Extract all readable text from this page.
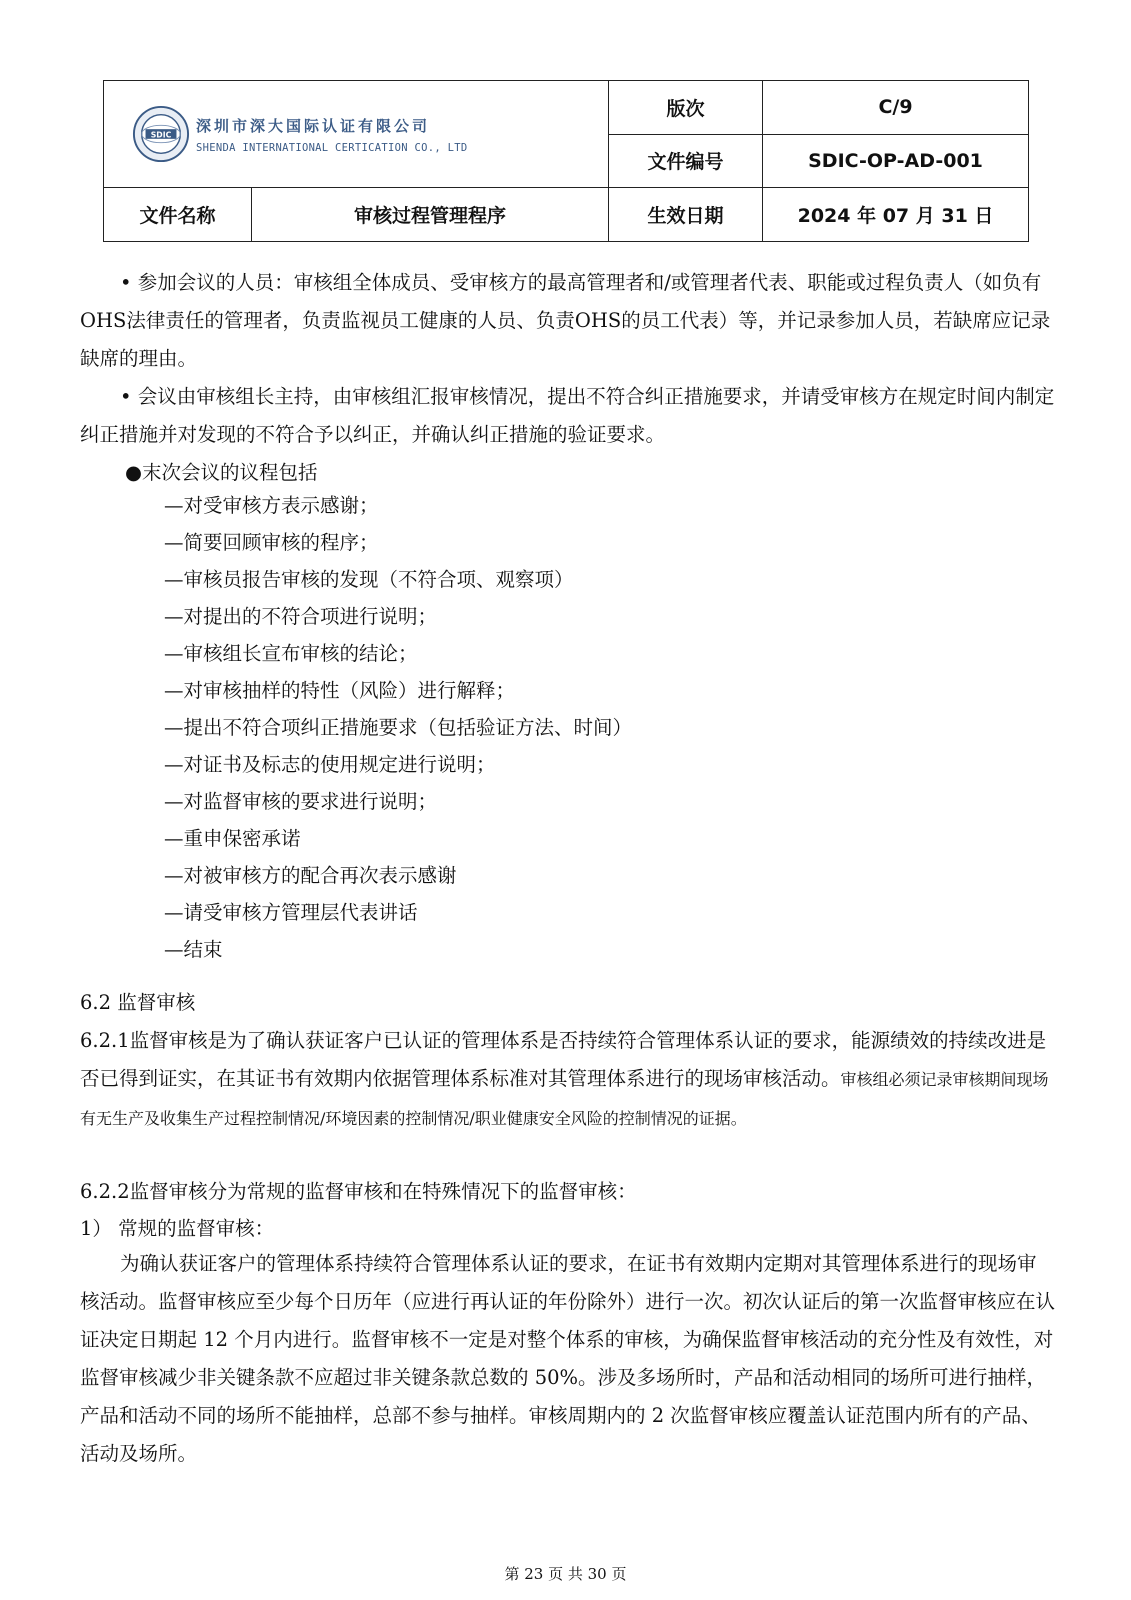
SDIC
深圳市深大国际认证有限公司
SHENDA INTERNATIONAL CERTICATION CO., LTD		版次	C/9
		文件编号	SDIC-OP-AD-001
文件名称	审核过程管理程序	生效日期	2024 年 07 月 31 日

• 参加会议的人员：审核组全体成员、受审核方的最高管理者和/或管理者代表、职能或过程负责人（如负有OHS法律责任的管理者，负责监视员工健康的人员、负责OHS的员工代表）等，并记录参加人员，若缺席应记录缺席的理由。

• 会议由审核组长主持，由审核组汇报审核情况，提出不符合纠正措施要求，并请受审核方在规定时间内制定纠正措施并对发现的不符合予以纠正，并确认纠正措施的验证要求。

●末次会议的议程包括

—对受审核方表示感谢；

—简要回顾审核的程序；

—审核员报告审核的发现（不符合项、观察项）

—对提出的不符合项进行说明；

—审核组长宣布审核的结论；

—对审核抽样的特性（风险）进行解释；

—提出不符合项纠正措施要求（包括验证方法、时间）

—对证书及标志的使用规定进行说明；

—对监督审核的要求进行说明；

—重申保密承诺

—对被审核方的配合再次表示感谢

—请受审核方管理层代表讲话

—结束

6.2 监督审核

6.2.1监督审核是为了确认获证客户已认证的管理体系是否持续符合管理体系认证的要求，能源绩效的持续改进是否已得到证实，在其证书有效期内依据管理体系标准对其管理体系进行的现场审核活动。审核组必须记录审核期间现场有无生产及收集生产过程控制情况/环境因素的控制情况/职业健康安全风险的控制情况的证据。

6.2.2监督审核分为常规的监督审核和在特殊情况下的监督审核：

1） 常规的监督审核：

为确认获证客户的管理体系持续符合管理体系认证的要求，在证书有效期内定期对其管理体系进行的现场审核活动。监督审核应至少每个日历年（应进行再认证的年份除外）进行一次。初次认证后的第一次监督审核应在认证决定日期起 12 个月内进行。监督审核不一定是对整个体系的审核，为确保监督审核活动的充分性及有效性，对监督审核减少非关键条款不应超过非关键条款总数的 50%。涉及多场所时，产品和活动相同的场所可进行抽样，产品和活动不同的场所不能抽样，总部不参与抽样。审核周期内的 2 次监督审核应覆盖认证范围内所有的产品、活动及场所。

第 23 页 共 30 页
